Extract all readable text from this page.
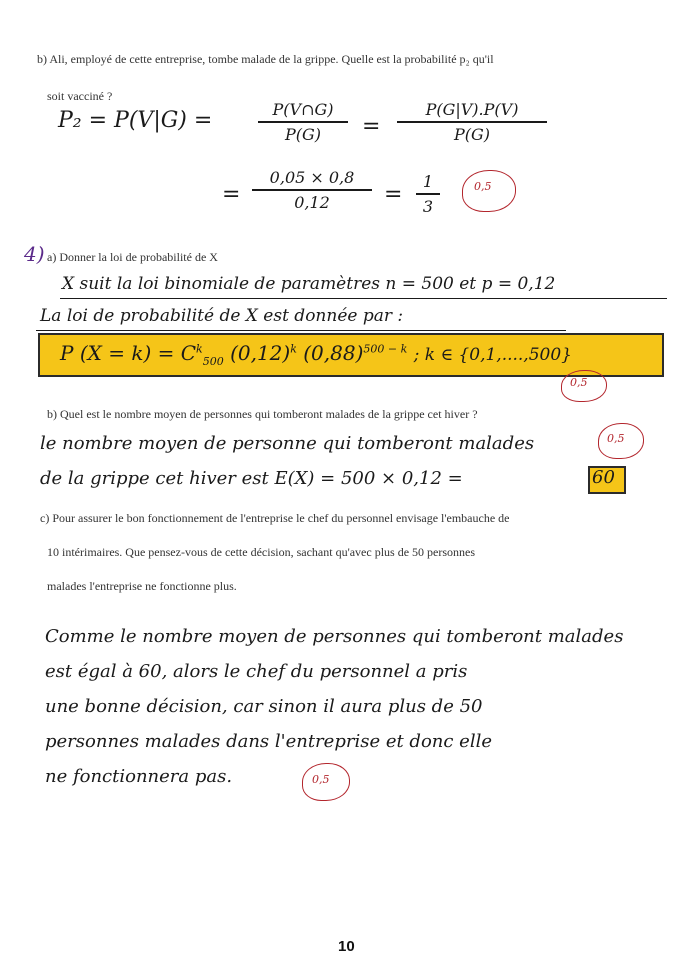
b) Ali, employé de cette entreprise, tombe malade de la grippe. Quelle est la probabilité p₂ qu'il
soit vacciné ?
P₂ = P(V|G) =	P(V∩G)
P(G)	=
P(G|V).P(V)
P(G)
=
0,05 × 0,8
0,12	=
1
3
0,5
4) a) Donner la loi de probabilité de X
X suit la loi binomiale de paramètres n = 500 et p = 0,12
La loi de probabilité de X est donnée par :
P $(X = k) = C^k_{500}$ $(0,12)^k$ $(0,88)^{500 - k}$ ; k ∈ {0,1,....,500}
0,5
b) Quel est le nombre moyen de personnes qui tomberont malades de la grippe cet hiver ?
le nombre moyen de personne qui tomberont malades	0,5
de la grippe cet hiver est E(X) = 500 × 0,12 =	60
c) Pour assurer le bon fonctionnement de l'entreprise le chef du personnel envisage l'embauche de
10 intérimaires. Que pensez-vous de cette décision, sachant qu'avec plus de 50 personnes
malades l'entreprise ne fonctionne plus.
Comme le nombre moyen de personnes qui tomberont malades
est égal à 60, alors le chef du personnel a pris
une bonne décision, car sinon il aura plus de 50
personnes malades dans l'entreprise et donc elle
ne fonctionnera pas.	0,5
10
